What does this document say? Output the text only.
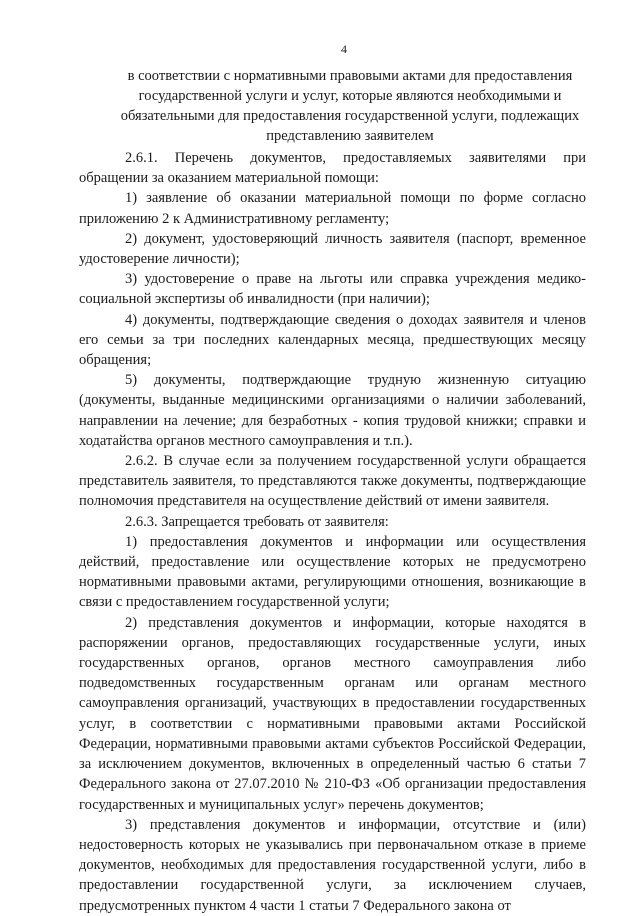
4
в соответствии с нормативными правовыми актами для предоставления государственной услуги и услуг, которые являются необходимыми и обязательными для предоставления государственной услуги, подлежащих представлению заявителем

2.6.1. Перечень документов, предоставляемых заявителями при обращении за оказанием материальной помощи:

1) заявление об оказании материальной помощи по форме согласно приложению 2 к Административному регламенту;

2) документ, удостоверяющий личность заявителя (паспорт, временное удостоверение личности);

3) удостоверение о праве на льготы или справка учреждения медико-социальной экспертизы об инвалидности (при наличии);

4) документы, подтверждающие сведения о доходах заявителя и членов его семьи за три последних календарных месяца, предшествующих месяцу обращения;

5) документы, подтверждающие трудную жизненную ситуацию (документы, выданные медицинскими организациями о наличии заболеваний, направлении на лечение; для безработных - копия трудовой книжки; справки и ходатайства органов местного самоуправления и т.п.).

2.6.2. В случае если за получением государственной услуги обращается представитель заявителя, то представляются также документы, подтверждающие полномочия представителя на осуществление действий от имени заявителя.

2.6.3. Запрещается требовать от заявителя:

1) предоставления документов и информации или осуществления действий, предоставление или осуществление которых не предусмотрено нормативными правовыми актами, регулирующими отношения, возникающие в связи с предоставлением государственной услуги;

2) представления документов и информации, которые находятся в распоряжении органов, предоставляющих государственные услуги, иных государственных органов, органов местного самоуправления либо подведомственных государственным органам или органам местного самоуправления организаций, участвующих в предоставлении государственных услуг, в соответствии с нормативными правовыми актами Российской Федерации, нормативными правовыми актами субъектов Российской Федерации, за исключением документов, включенных в определенный частью 6 статьи 7 Федерального закона от 27.07.2010 № 210-ФЗ «Об организации предоставления государственных и муниципальных услуг» перечень документов;

3) представления документов и информации, отсутствие и (или) недостоверность которых не указывались при первоначальном отказе в приеме документов, необходимых для предоставления государственной услуги, либо в предоставлении государственной услуги, за исключением случаев, предусмотренных пунктом 4 части 1 статьи 7 Федерального закона от
